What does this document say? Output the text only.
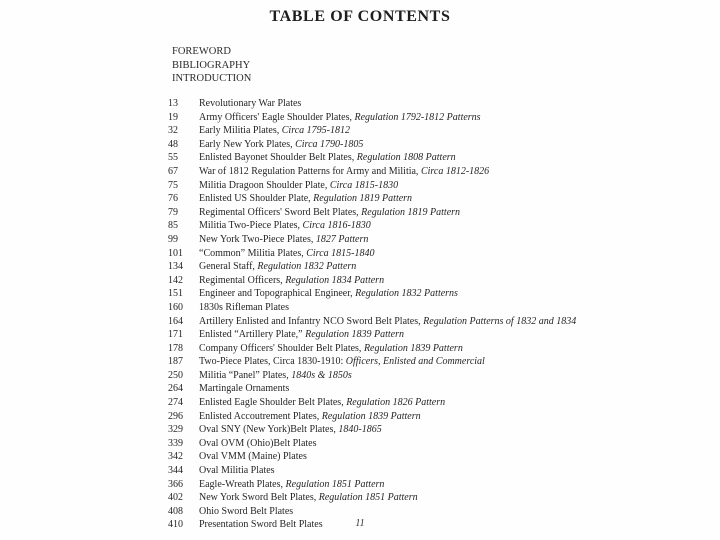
TABLE OF CONTENTS
FOREWORD
BIBLIOGRAPHY
INTRODUCTION
13	Revolutionary War Plates
19	Army Officers' Eagle Shoulder Plates, Regulation 1792-1812 Patterns
32	Early Militia Plates, Circa 1795-1812
48	Early New York Plates, Circa 1790-1805
55	Enlisted Bayonet Shoulder Belt Plates, Regulation 1808 Pattern
67	War of 1812 Regulation Patterns for Army and Militia, Circa 1812-1826
75	Militia Dragoon Shoulder Plate, Circa 1815-1830
76	Enlisted US Shoulder Plate, Regulation 1819 Pattern
79	Regimental Officers' Sword Belt Plates, Regulation 1819 Pattern
85	Militia Two-Piece Plates, Circa 1816-1830
99	New York Two-Piece Plates, 1827 Pattern
101	“Common” Militia Plates, Circa 1815-1840
134	General Staff, Regulation 1832 Pattern
142	Regimental Officers, Regulation 1834 Pattern
151	Engineer and Topographical Engineer, Regulation 1832 Patterns
160	1830s Rifleman Plates
164	Artillery Enlisted and Infantry NCO Sword Belt Plates, Regulation Patterns of 1832 and 1834
171	Enlisted “Artillery Plate,” Regulation 1839 Pattern
178	Company Officers' Shoulder Belt Plates, Regulation 1839 Pattern
187	Two-Piece Plates, Circa 1830-1910: Officers, Enlisted and Commercial
250	Militia “Panel” Plates, 1840s & 1850s
264	Martingale Ornaments
274	Enlisted Eagle Shoulder Belt Plates, Regulation 1826 Pattern
296	Enlisted Accoutrement Plates, Regulation 1839 Pattern
329	Oval SNY (New York)Belt Plates, 1840-1865
339	Oval OVM (Ohio)Belt Plates
342	Oval VMM (Maine) Plates
344	Oval Militia Plates
366	Eagle-Wreath Plates, Regulation 1851 Pattern
402	New York Sword Belt Plates, Regulation 1851 Pattern
408	Ohio Sword Belt Plates
410	Presentation Sword Belt Plates	11
